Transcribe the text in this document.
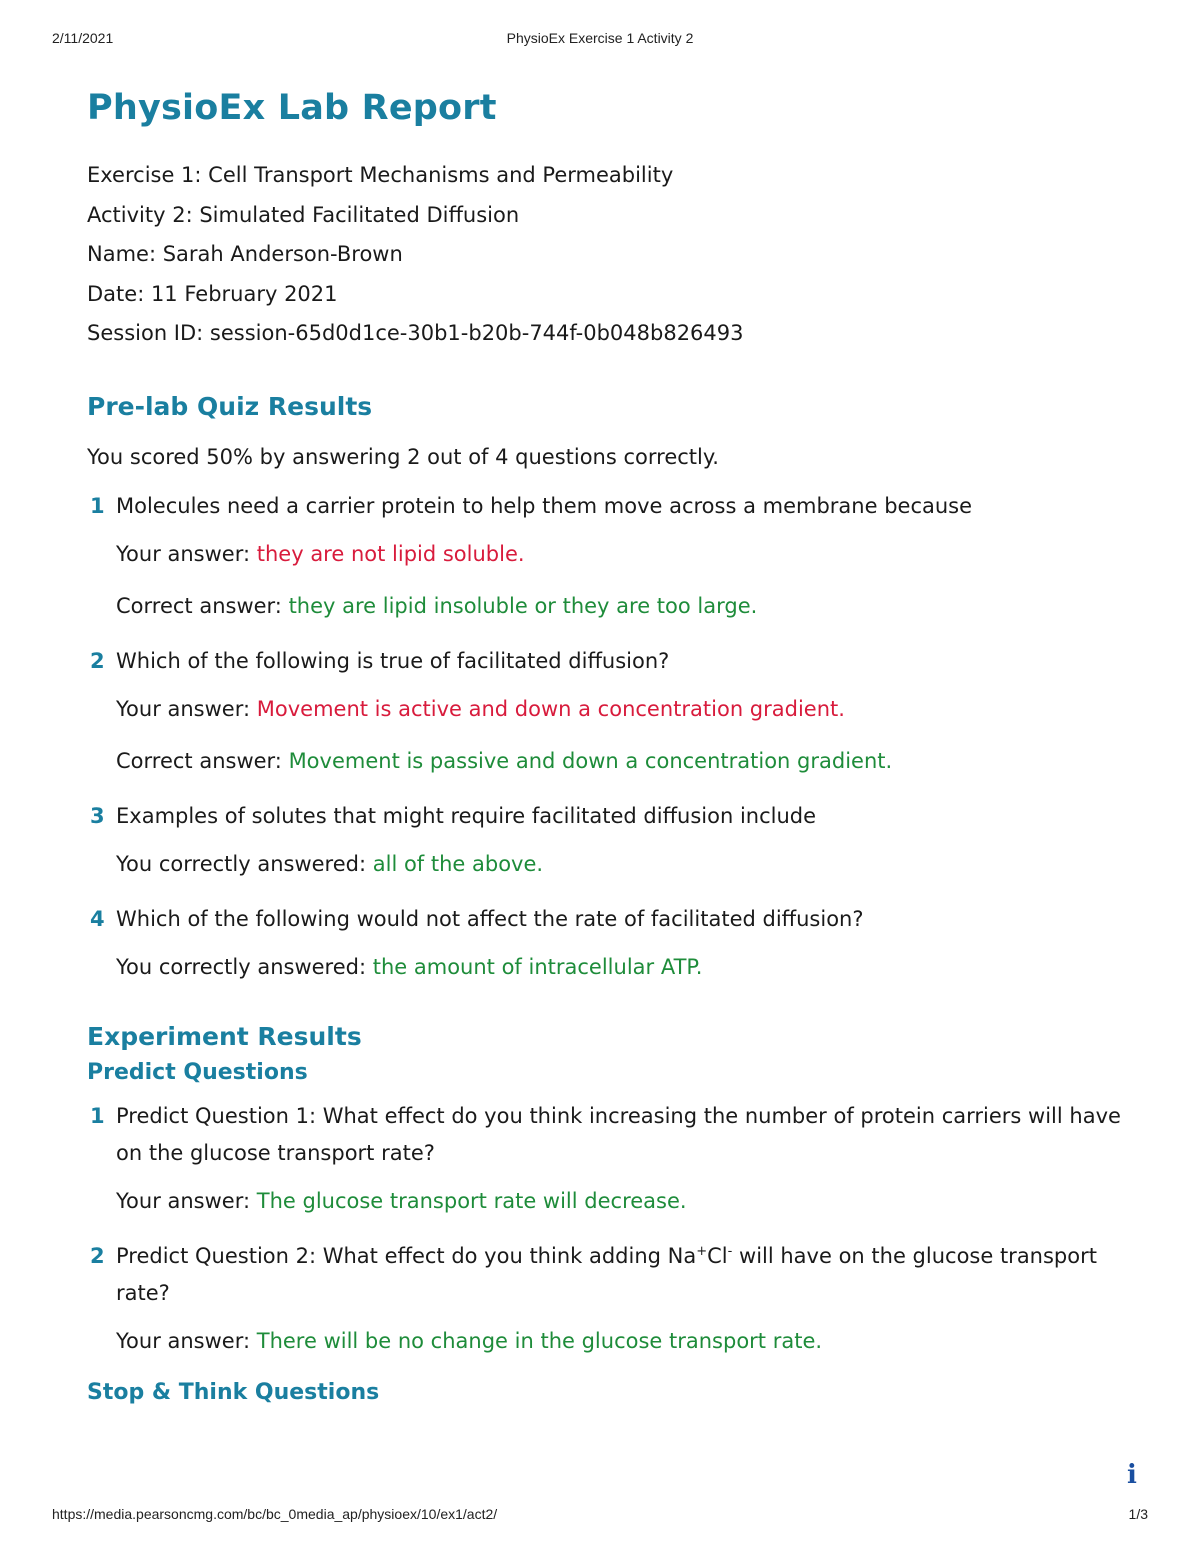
2/11/2021	PhysioEx Exercise 1 Activity 2
PhysioEx Lab Report
Exercise 1: Cell Transport Mechanisms and Permeability
Activity 2: Simulated Facilitated Diffusion
Name: Sarah Anderson-Brown
Date: 11 February 2021
Session ID: session-65d0d1ce-30b1-b20b-744f-0b048b826493
Pre-lab Quiz Results
You scored 50% by answering 2 out of 4 questions correctly.
1 Molecules need a carrier protein to help them move across a membrane because
Your answer: they are not lipid soluble.
Correct answer: they are lipid insoluble or they are too large.
2 Which of the following is true of facilitated diffusion?
Your answer: Movement is active and down a concentration gradient.
Correct answer: Movement is passive and down a concentration gradient.
3 Examples of solutes that might require facilitated diffusion include
You correctly answered: all of the above.
4 Which of the following would not affect the rate of facilitated diffusion?
You correctly answered: the amount of intracellular ATP.
Experiment Results
Predict Questions
1 Predict Question 1: What effect do you think increasing the number of protein carriers will have on the glucose transport rate?
Your answer: The glucose transport rate will decrease.
2 Predict Question 2: What effect do you think adding Na+Cl- will have on the glucose transport rate?
Your answer: There will be no change in the glucose transport rate.
Stop & Think Questions
i
https://media.pearsoncmg.com/bc/bc_0media_ap/physioex/10/ex1/act2/	1/3
